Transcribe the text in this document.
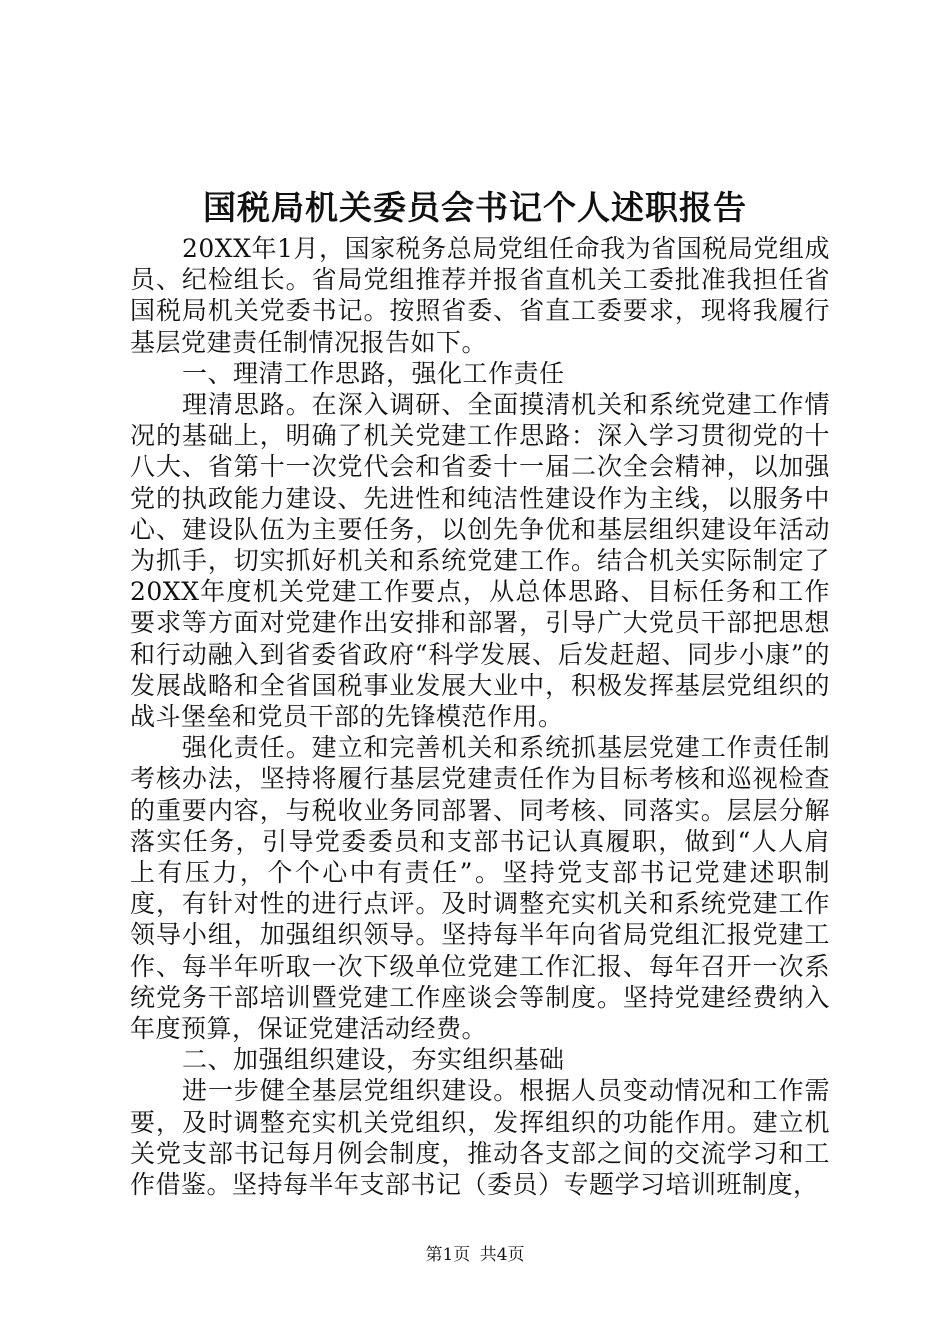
国税局机关委员会书记个人述职报告

20XX年1月，国家税务总局党组任命我为省国税局党组成员、纪检组长。省局党组推荐并报省直机关工委批准我担任省国税局机关党委书记。按照省委、省直工委要求，现将我履行基层党建责任制情况报告如下。

一、理清工作思路，强化工作责任

理清思路。在深入调研、全面摸清机关和系统党建工作情况的基础上，明确了机关党建工作思路：深入学习贯彻党的十八大、省第十一次党代会和省委十一届二次全会精神，以加强党的执政能力建设、先进性和纯洁性建设作为主线，以服务中心、建设队伍为主要任务，以创先争优和基层组织建设年活动为抓手，切实抓好机关和系统党建工作。结合机关实际制定了20XX年度机关党建工作要点，从总体思路、目标任务和工作要求等方面对党建作出安排和部署，引导广大党员干部把思想和行动融入到省委省政府“科学发展、后发赶超、同步小康”的发展战略和全省国税事业发展大业中，积极发挥基层党组织的战斗堡垒和党员干部的先锋模范作用。

强化责任。建立和完善机关和系统抓基层党建工作责任制考核办法，坚持将履行基层党建责任作为目标考核和巡视检查的重要内容，与税收业务同部署、同考核、同落实。层层分解落实任务，引导党委委员和支部书记认真履职，做到“人人肩上有压力，个个心中有责任”。坚持党支部书记党建述职制度，有针对性的进行点评。及时调整充实机关和系统党建工作领导小组，加强组织领导。坚持每半年向省局党组汇报党建工作、每半年听取一次下级单位党建工作汇报、每年召开一次系统党务干部培训暨党建工作座谈会等制度。坚持党建经费纳入年度预算，保证党建活动经费。

二、加强组织建设，夯实组织基础

进一步健全基层党组织建设。根据人员变动情况和工作需要，及时调整充实机关党组织，发挥组织的功能作用。建立机关党支部书记每月例会制度，推动各支部之间的交流学习和工作借鉴。坚持每半年支部书记（委员）专题学习培训班制度，

第1页 共4页
